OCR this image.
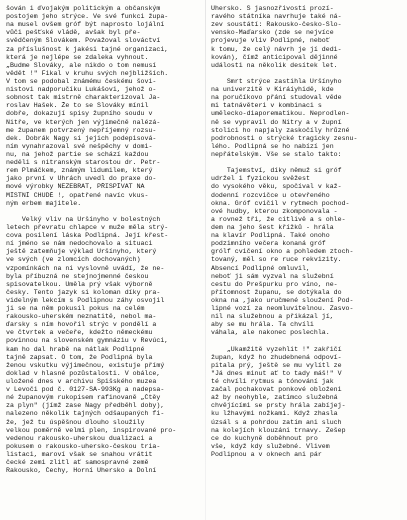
šován i ďvojakým politickým a občanským
postojem jeho strýce. Ve své funkci župa-
na musel ovšem gróf být naprosto lojální
vůči pešťské vládě, avšak byl pře-
svědčeným Slovákem. Považoval slováctví
za příslušnost k jakési tajné organizaci,
která je nejlépe se zdaleka vyhnout.
„Budme Slováky, ale nikdo o tom nemusí
vědět !" Fikal v kruhu svých nejbližších.
V tom se podobal známému českému šovi-
nistovi nadporučíku Lukášovi, jehož o-
sobnost tak mistrně charakterizoval Ja-
roslav Hašek. Že to se Slovákу mínil
dobře, dokazují spisy župního soudu v
Nitře, ve kterých jen výjimečně nalézá-
me županem potvrzený nepříjemný rozsu-
dek. Dobrák Nagy si jejich podepisová-
ním vynahrazoval své nešpěchy v domi-
nu, na jehož partie se schází každou
neděli s nitranským starostou dr. Petr-
rem Plmáčkem, známým lidumilem, který
jako první v Uhrách uvedl do praxe do-
mové výrobky NEZEBRAT, PŘISPÍVAT NA
MÍSTNÍ CHUDÉ !, opatřené navíc vkus-
ným erbem majitele.
Velký vliv na Uršínyho v bolestných
letech převratu chlapce v muže měla strý-
cova posilení láska Podlipná. Její křest-
ní jméno se nám nedochovalo a situaci
ještě zatemňuje výklad Uršínyho, který
ve svých (ve zlomcích dochovaných)
vzpomínkách na ni vyslovně uvádí, že ne-
byla příbuzná ne stejnojmenné českou
spisovatelkou. Uměla prý však výborně
česky. Tento jazyk si koloman díky pra-
videlným lekcím s Podlipnou záhy osvojil
ji se na něm pokusil pokus na celém
rakousko-uherském neznatitě, nebol ma-
ďarsky s ním hovořil strýc v pondělí a
ve čtvrtek a večeře, kdežto německému
povinnou na slovenském gymnáziu v Revúci,
kam ho dal hrabě na nátlak Podlipné
tajně zapsat. O tom, že Podlipná byla
ženou vskutku výjimečnou, existuje přímý
doklad v hlasné pozůstalosti. V obálce,
uložené dnes v archivu Spišského muzea
v Levoči pod č. 0127-SA-993Kg a nadepsa-
né županovým rukopisem rafinovaně „Čtěy
za plyn" (jímž zase Nagy předběhl doby),
nalezeno několik tajných odšaupaných fi-
že, jež tu úspěšnou dlouho sloužily
velkou poměrně velmi plen, inspirované pro-
vedenou rakousko-uherskou dualizaci a
pokusem o rakousko-uhersko-českou tria-
listaci, maroví však se snahou vrátit
čecké zemi zlitl ať samospravné země
Rakousko, Čechy, Horní Uhersko a Dolní
Uhersko. S jasnozřivostí prozí-
ravého státníka navrhuje také ná-
zev soustátí: Rakousko-česko-Slo-
vensko-Maďarsko (zde se nejvíce
projevuje vliv Podlipné, neboť
k tomu, že celý návrh je jí dedi-
kován), čímž anticipoval dějinné
události na několik desítek let.
Smrt strýce zastihla Uršínyho
na univerzitě v Kiráíyhidě, kde
na poručíkovo přání studoval věde
mi tatnávěteri v kombinaci s
umělecko-diaporematikou. Neprodlen-
ně se vypravil do Nitry a v župní
stolici ho napjaly zaskočíly hrůzné
podrobnosti o strýcké tragicky zesnu-
lého. Podlipná se ho nabízí jen
nepřátelským. Vše se stalo takto:
Tajemství, díky němuž si gróf
udržel i fyzickou svěžest
do vysokého věku, spočíval v kaž-
dodenní rozcvičce u otevřeného
okna. Gróf cvičil v rytmech pochod-
ové hudby, kterou zkomponovala -
a rovnež tři, že citlivě a s ohle-
dem na jeho šest křížků - hrála
na klavír Podlipná. Také onoho
podzimního večera konaná gróf
grólf cvičení okno a pohledem ztoch-
tovaný, měl so re ruce rekvizity.
Absencí Podlipné omluvil,
neboť ji sám vyzval na služební
cestu do Prešpurku pro víno, ne-
přítomnost županu, se dotýkala do
okna na ,jako uručmené sloužení Pod-
lipné vozí za neomluvitelnou. Zasvo-
nil na služebnou a přikázal jí,
aby se mu hrála. Ta chvíli
váhala, ale nakonec poslechla.
„Ukamžitě vyzehlit !" zakřičí
župan, když ho zhudebnená odpoví-
pitala prý, ještě se mu vylítl ze
"Já dnes minut ať to tady máš!" V
té chvíli rytmus a tónování jak
začal pochakovat ponkové obloženi
až by neohyble, zatímco služebná
chvějícími se prsty hrála zabíjej-
ku lžhavými nožkami. Když zhasla
úzsál s a pohrdou zatím ani sluch
na kolejích klouzáni trnavy. Zešep
ce do kuchyně doběhnout pro
vše, když kdy služebné. Vlivem
Podlipnou a v oknech ani pár
